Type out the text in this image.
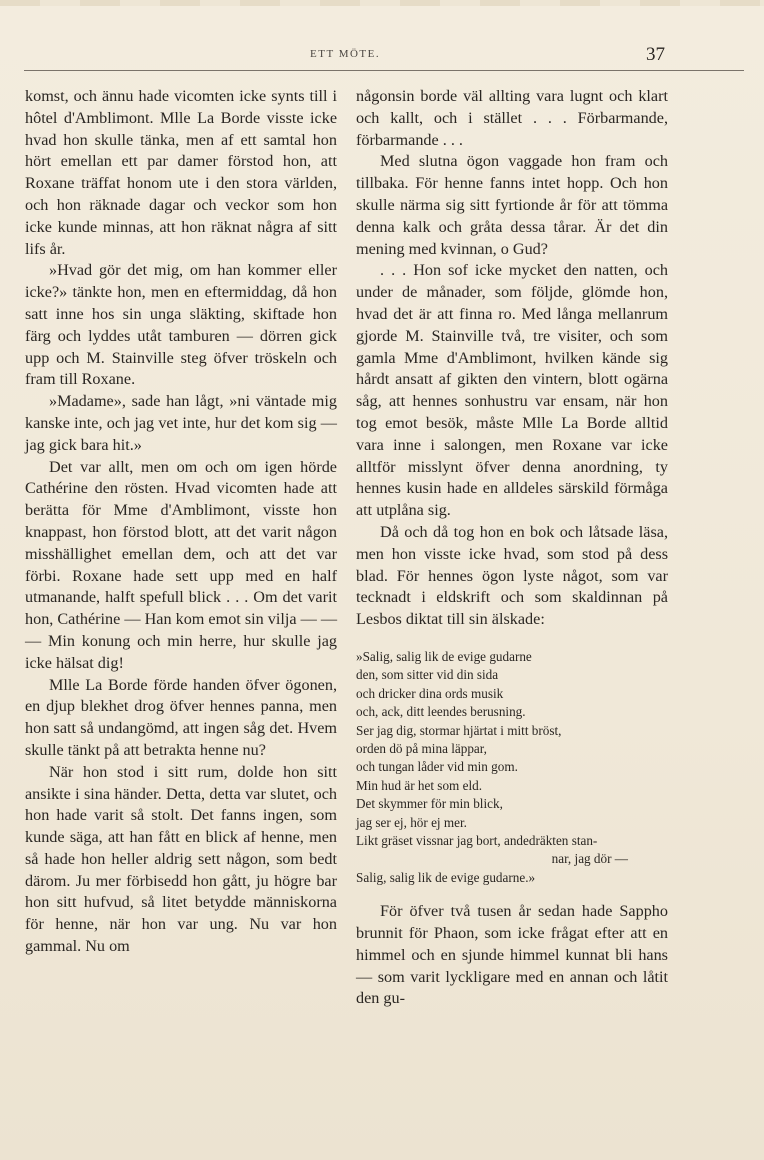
ETT MÖTE.	37

komst, och ännu hade vicomten icke synts till i hôtel d'Amblimont. Mlle La Borde visste icke hvad hon skulle tänka, men af ett samtal hon hört emellan ett par damer förstod hon, att Roxane träffat honom ute i den stora världen, och hon räknade dagar och veckor som hon icke kunde minnas, att hon räknat några af sitt lifs år.

»Hvad gör det mig, om han kommer eller icke?» tänkte hon, men en eftermiddag, då hon satt inne hos sin unga släkting, skiftade hon färg och lyddes utåt tamburen — dörren gick upp och M. Stainville steg öfver tröskeln och fram till Roxane.

»Madame», sade han lågt, »ni väntade mig kanske inte, och jag vet inte, hur det kom sig — jag gick bara hit.»

Det var allt, men om och om igen hörde Cathérine den rösten. Hvad vicomten hade att berätta för Mme d'Amblimont, visste hon knappast, hon förstod blott, att det varit någon misshällighet emellan dem, och att det var förbi. Roxane hade sett upp med en half utmanande, halft spefull blick . . . Om det varit hon, Cathérine — Han kom emot sin vilja — — — Min konung och min herre, hur skulle jag icke hälsat dig!

Mlle La Borde förde handen öfver ögonen, en djup blekhet drog öfver hennes panna, men hon satt så undangömd, att ingen såg det. Hvem skulle tänkt på att betrakta henne nu?

När hon stod i sitt rum, dolde hon sitt ansikte i sina händer. Detta, detta var slutet, och hon hade varit så stolt. Det fanns ingen, som kunde säga, att han fått en blick af henne, men så hade hon heller aldrig sett någon, som bedt därom. Ju mer förbisedd hon gått, ju högre bar hon sitt hufvud, så litet betydde människorna för henne, när hon var ung. Nu var hon gammal. Nu om

någonsin borde väl allting vara lugnt och klart och kallt, och i stället . . . Förbarmande, förbarmande . . .

Med slutna ögon vaggade hon fram och tillbaka. För henne fanns intet hopp. Och hon skulle närma sig sitt fyrtionde år för att tömma denna kalk och gråta dessa tårar. Är det din mening med kvinnan, o Gud?

. . . Hon sof icke mycket den natten, och under de månader, som följde, glömde hon, hvad det är att finna ro. Med långa mellanrum gjorde M. Stainville två, tre visiter, och som gamla Mme d'Amblimont, hvilken kände sig hårdt ansatt af gikten den vintern, blott ogärna såg, att hennes sonhustru var ensam, när hon tog emot besök, måste Mlle La Borde alltid vara inne i salongen, men Roxane var icke alltför misslynt öfver denna anordning, ty hennes kusin hade en alldeles särskild förmåga att utplåna sig.

Då och då tog hon en bok och låtsade läsa, men hon visste icke hvad, som stod på dess blad. För hennes ögon lyste något, som var tecknadt i eldskrift och som skaldinnan på Lesbos diktat till sin älskade:

»Salig, salig lik de evige gudarne
den, som sitter vid din sida
och dricker dina ords musik
och, ack, ditt leendes berusning.
Ser jag dig, stormar hjärtat i mitt bröst,
orden dö på mina läppar,
och tungan låder vid min gom.
Min hud är het som eld.
Det skymmer för min blick,
jag ser ej, hör ej mer.
Likt gräset vissnar jag bort, andedräkten stan-
nar, jag dör —
Salig, salig lik de evige gudarne.»

För öfver två tusen år sedan hade Sappho brunnit för Phaon, som icke frågat efter att en himmel och en sjunde himmel kunnat bli hans — som varit lyckligare med en annan och låtit den gu-
